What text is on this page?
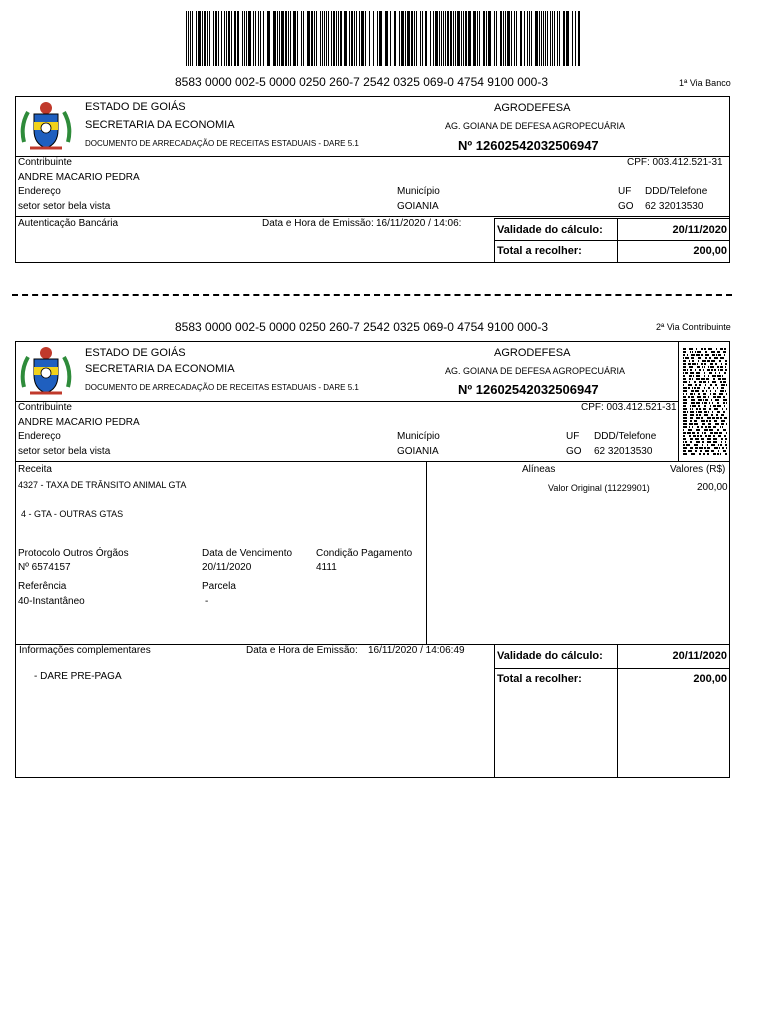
8583 0000 002-5 0000 0250 260-7 2542 0325 069-0 4754 9100 000-3	1ª Via Banco
ESTADO DE GOIÁS
SECRETARIA DA ECONOMIA
DOCUMENTO DE ARRECADAÇÃO DE RECEITAS ESTADUAIS - DARE 5.1
AGRODEFESA
AG. GOIANA DE DEFESA AGROPECUÁRIA
Nº 12602542032506947
Contribuinte	CPF: 003.412.521-31
ANDRE MACARIO PEDRA
Endereço	Município	UF DDD/Telefone
setor setor bela vista	GOIANIA	GO 62 32013530
Autenticação Bancária	Data e Hora de Emissão: 16/11/2020 / 14:06:
Validade do cálculo:	20/11/2020
Total a recolher:	200,00
8583 0000 002-5 0000 0250 260-7 2542 0325 069-0 4754 9100 000-3	2ª Via Contribuinte
ESTADO DE GOIÁS
SECRETARIA DA ECONOMIA
DOCUMENTO DE ARRECADAÇÃO DE RECEITAS ESTADUAIS - DARE 5.1
AGRODEFESA
AG. GOIANA DE DEFESA AGROPECUÁRIA
Nº 12602542032506947
Contribuinte	CPF: 003.412.521-31
ANDRE MACARIO PEDRA
Endereço	Município	UF DDD/Telefone
setor setor bela vista	GOIANIA	GO 62 32013530
Receita	Alíneas	Valores (R$)
4327 - TAXA DE TRÂNSITO ANIMAL GTA	Valor Original (11229901)	200,00
4 - GTA - OUTRAS GTAS
Protocolo Outros Órgãos	Data de Vencimento Condição Pagamento
Nº 6574157	20/11/2020	4111
Referência	Parcela
40-Instantâneo	-
Informações complementares	Data e Hora de Emissão: 16/11/2020 / 14:06:49
- DARE PRE-PAGA
Validade do cálculo:	20/11/2020
Total a recolher:	200,00
